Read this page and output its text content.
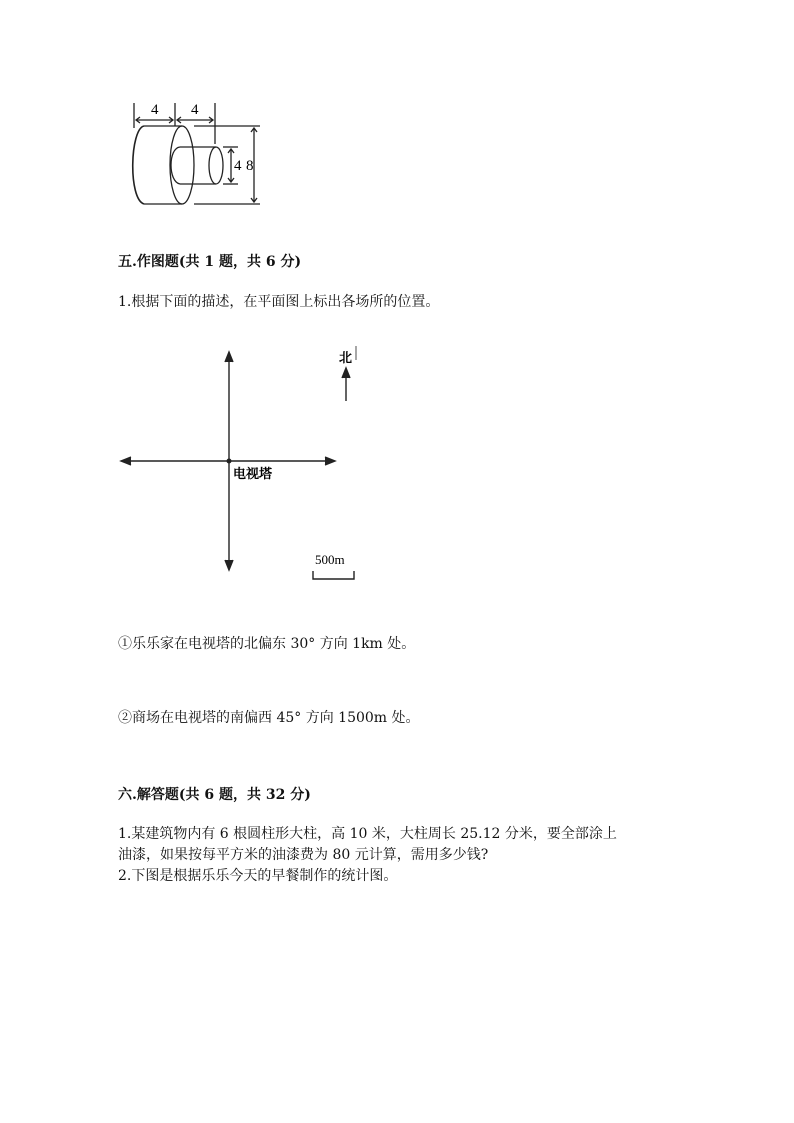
4 4
4 8
五.作图题(共 1 题，共 6 分)
1.根据下面的描述，在平面图上标出各场所的位置。
北
电视塔
500m
①乐乐家在电视塔的北偏东 30° 方向 1km 处。
②商场在电视塔的南偏西 45° 方向 1500m 处。
六.解答题(共 6 题，共 32 分)
1.某建筑物内有 6 根圆柱形大柱，高 10 米，大柱周长 25.12 分米，要全部涂上
油漆，如果按每平方米的油漆费为 80 元计算，需用多少钱?
2.下图是根据乐乐今天的早餐制作的统计图。
